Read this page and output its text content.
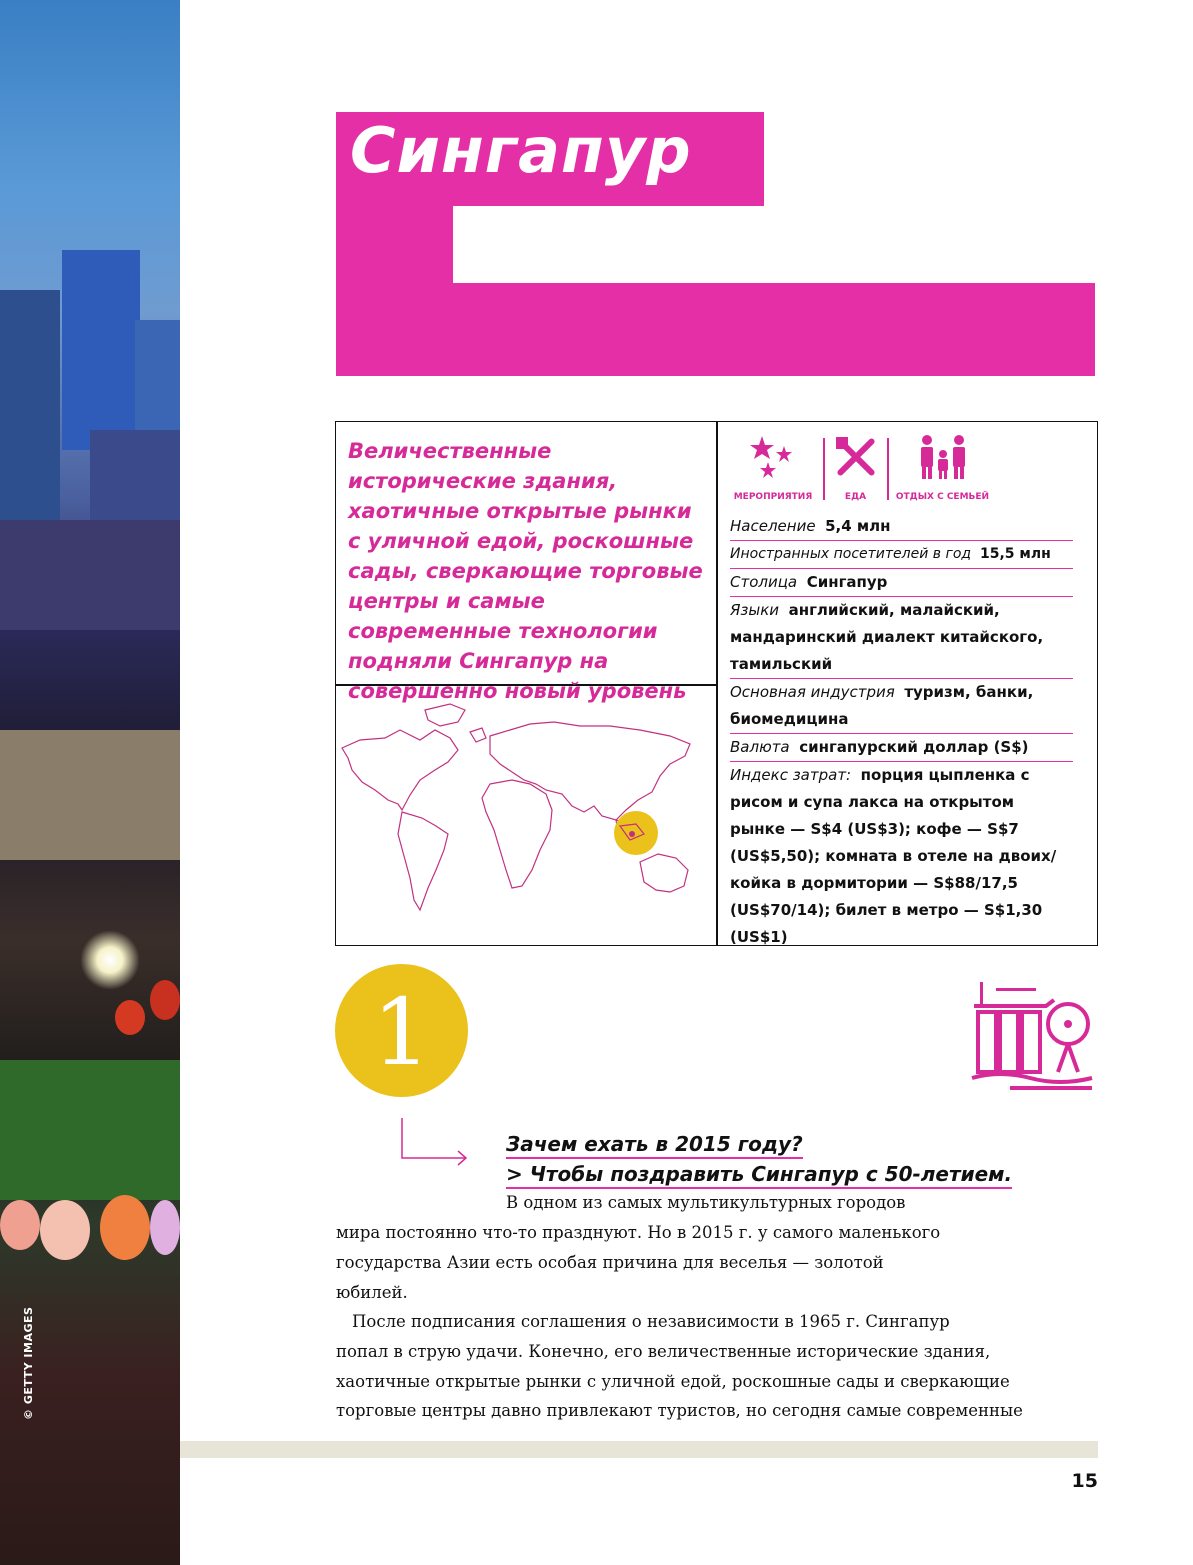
© GETTY IMAGES
Сингапур
Величественные исторические здания, хаотичные открытые рынки с уличной едой, роскошные сады, сверкающие торговые центры и самые современные технологии подняли Сингапур на совершенно новый уровень
МЕРОПРИЯТИЯ	ЕДА	ОТДЫХ С СЕМЬЕЙ
Население 5,4 млн
Иностранных посетителей в год 15,5 млн
Столица Сингапур
Языки английский, малайский, мандаринский диалект китайского, тамильский
Основная индустрия туризм, банки, биомедицина
Валюта сингапурский доллар (S$)
Индекс затрат: порция цыпленка с рисом и супа лакса на открытом рынке — S$4 (US$3); кофе — S$7 (US$5,50); комната в отеле на двоих/койка в дормитории — S$88/17,5 (US$70/14); билет в метро — S$1,30 (US$1)
1
Зачем ехать в 2015 году?
> Чтобы поздравить Сингапур с 50-летием.
В одном из самых мультикультурных городов
мира постоянно что-то празднуют. Но в 2015 г. у самого маленького
государства Азии есть особая причина для веселья — золотой
юбилей.
После подписания соглашения о независимости в 1965 г. Сингапур
попал в струю удачи. Конечно, его величественные исторические здания,
хаотичные открытые рынки с уличной едой, роскошные сады и сверкающие
торговые центры давно привлекают туристов, но сегодня самые современные
15
